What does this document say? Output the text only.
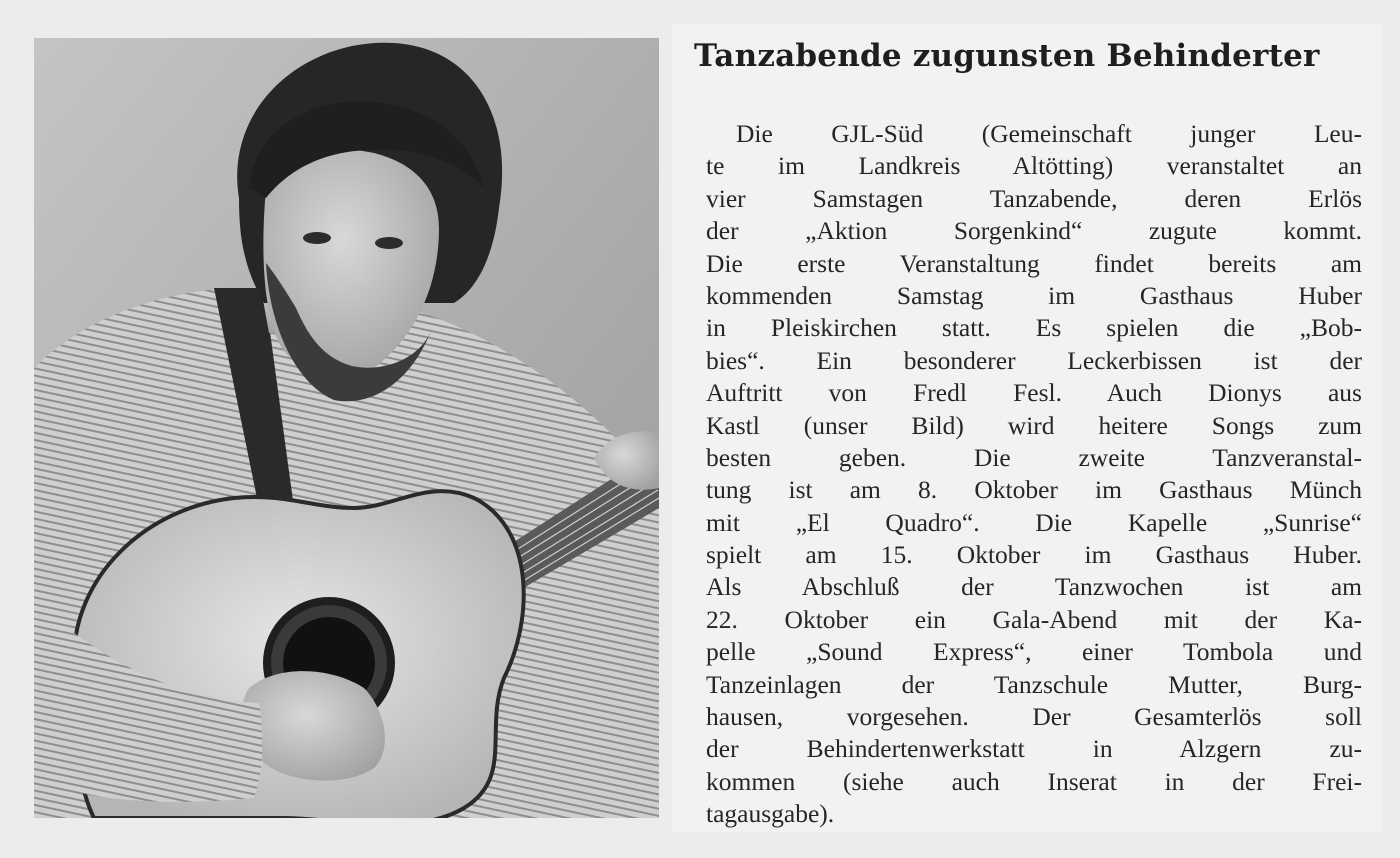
Tanzabende zugunsten Behinderter
Die GJL-Süd (Gemeinschaft junger Leu-
te im Landkreis Altötting) veranstaltet an
vier Samstagen Tanzabende, deren Erlös
der „Aktion Sorgenkind“ zugute kommt.
Die erste Veranstaltung findet bereits am
kommenden Samstag im Gasthaus Huber
in Pleiskirchen statt. Es spielen die „Bob-
bies“. Ein besonderer Leckerbissen ist der
Auftritt von Fredl Fesl. Auch Dionys aus
Kastl (unser Bild) wird heitere Songs zum
besten geben. Die zweite Tanzveranstal-
tung ist am 8. Oktober im Gasthaus Münch
mit „El Quadro“. Die Kapelle „Sunrise“
spielt am 15. Oktober im Gasthaus Huber.
Als Abschluß der Tanzwochen ist am
22. Oktober ein Gala-Abend mit der Ka-
pelle „Sound Express“, einer Tombola und
Tanzeinlagen der Tanzschule Mutter, Burg-
hausen, vorgesehen. Der Gesamterlös soll
der Behindertenwerkstatt in Alzgern zu-
kommen (siehe auch Inserat in der Frei-
tagausgabe).
